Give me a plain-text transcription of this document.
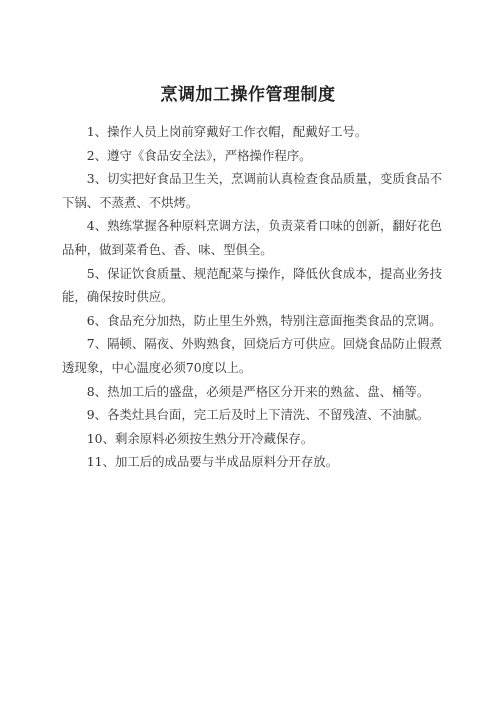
烹调加工操作管理制度

1、操作人员上岗前穿戴好工作衣帽，配戴好工号。

2、遵守《食品安全法》，严格操作程序。

3、切实把好食品卫生关，烹调前认真检查食品质量，变质食品不下锅、不蒸煮、不烘烤。

4、熟练掌握各种原料烹调方法，负责菜肴口味的创新，翻好花色品种，做到菜肴色、香、味、型俱全。

5、保证饮食质量、规范配菜与操作，降低伙食成本，提高业务技能，确保按时供应。

6、食品充分加热，防止里生外熟，特别注意面拖类食品的烹调。

7、隔顿、隔夜、外购熟食，回烧后方可供应。回烧食品防止假煮透现象，中心温度必须70度以上。

8、热加工后的盛盘，必须是严格区分开来的熟盆、盘、桶等。

9、各类灶具台面，完工后及时上下清洗、不留残渣、不油腻。

10、剩余原料必须按生熟分开冷藏保存。

11、加工后的成品要与半成品原料分开存放。
